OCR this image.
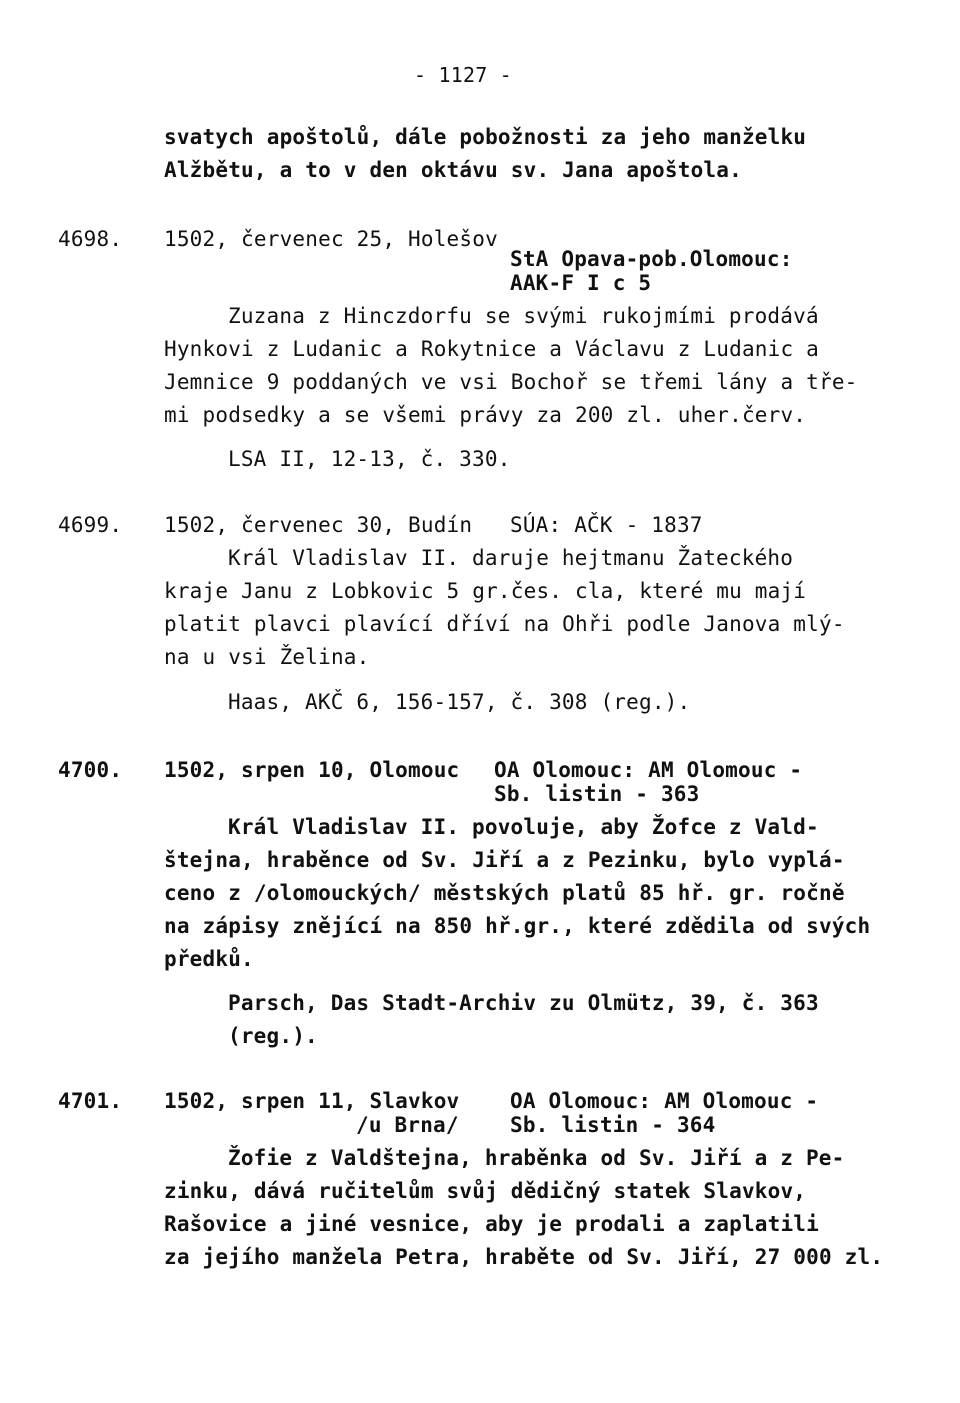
- 1127 -
svatych apoštolů, dále pobožnosti za jeho manželku
Alžbětu, a to v den oktávu sv. Jana apoštola.
4698. 1502, červenec 25, Holešov
StA Opava-pob.Olomouc:
AAK-F I c 5
Zuzana z Hinczdorfu se svými rukojmími prodává
Hynkovi z Ludanic a Rokytnice a Václavu z Ludanic a
Jemnice 9 poddaných ve vsi Bochoř se třemi lány a tře-
mi podsedky a se všemi právy za 200 zl. uher.červ.
LSA II, 12-13, č. 330.
4699. 1502, červenec 30, Budín SÚA: AČK - 1837
Král Vladislav II. daruje hejtmanu Žateckého
kraje Janu z Lobkovic 5 gr.čes. cla, které mu mají
platit plavci plavící dříví na Ohři podle Janova mlý-
na u vsi Želina.
Haas, AKČ 6, 156-157, č. 308 (reg.).
4700. 1502, srpen 10, Olomouc OA Olomouc: AM Olomouc -
Sb. listin - 363
Král Vladislav II. povoluje, aby Žofce z Vald-
štejna, hraběnce od Sv. Jiří a z Pezinku, bylo vyplá-
ceno z /olomouckých/ městských platů 85 hř. gr. ročně
na zápisy znějící na 850 hř.gr., které zdědila od svých
předků.
Parsch, Das Stadt-Archiv zu Olmütz, 39, č. 363
(reg.).
4701. 1502, srpen 11, Slavkov
/u Brna/
OA Olomouc: AM Olomouc -
Sb. listin - 364
Žofie z Valdštejna, hraběnka od Sv. Jiří a z Pe-
zinku, dává ručitelům svůj dědičný statek Slavkov,
Rašovice a jiné vesnice, aby je prodali a zaplatili
za jejího manžela Petra, hraběte od Sv. Jiří, 27 000 zl.
